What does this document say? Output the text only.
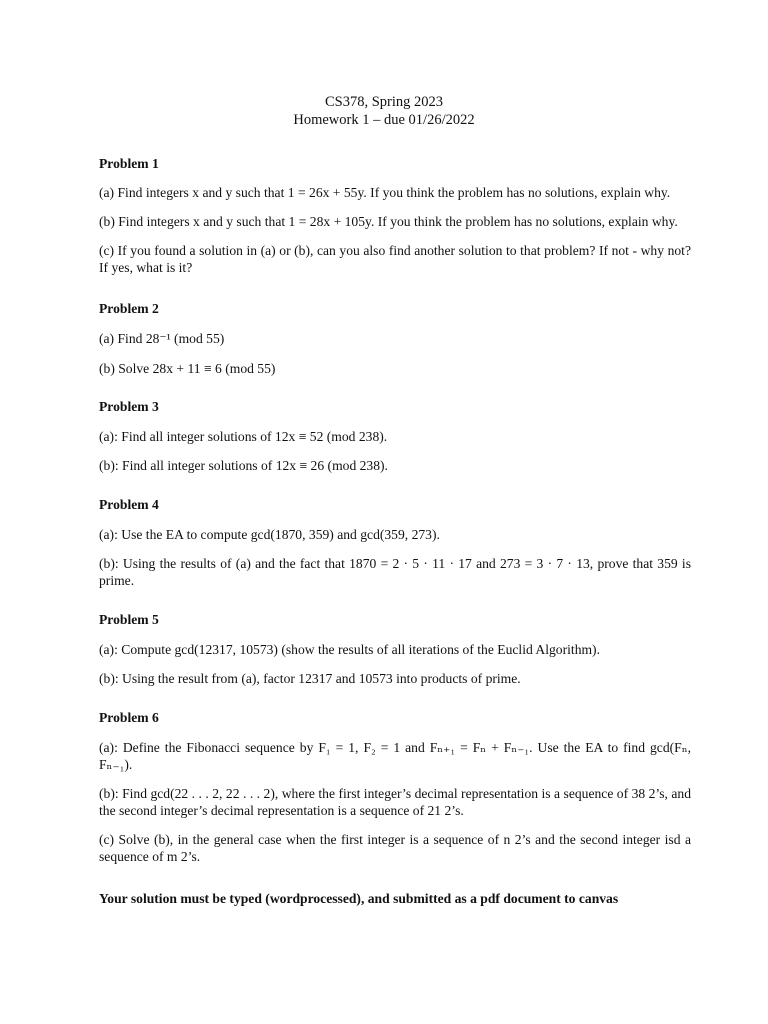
CS378, Spring 2023
Homework 1 – due 01/26/2022

Problem 1

(a) Find integers x and y such that 1 = 26x + 55y. If you think the problem has no solutions, explain why.

(b) Find integers x and y such that 1 = 28x + 105y. If you think the problem has no solutions, explain why.

(c) If you found a solution in (a) or (b), can you also find another solution to that problem? If not - why not? If yes, what is it?

Problem 2

(a) Find 28⁻¹ (mod 55)

(b) Solve 28x + 11 ≡ 6 (mod 55)

Problem 3

(a): Find all integer solutions of 12x ≡ 52 (mod 238).

(b): Find all integer solutions of 12x ≡ 26 (mod 238).

Problem 4

(a): Use the EA to compute gcd(1870, 359) and gcd(359, 273).

(b): Using the results of (a) and the fact that 1870 = 2 · 5 · 11 · 17 and 273 = 3 · 7 · 13, prove that 359 is prime.

Problem 5

(a): Compute gcd(12317, 10573) (show the results of all iterations of the Euclid Algorithm).

(b): Using the result from (a), factor 12317 and 10573 into products of prime.

Problem 6

(a): Define the Fibonacci sequence by F₁ = 1, F₂ = 1 and Fₙ₊₁ = Fₙ + Fₙ₋₁. Use the EA to find gcd(Fₙ, Fₙ₋₁).

(b): Find gcd(22 . . . 2, 22 . . . 2), where the first integer’s decimal representation is a sequence of 38 2’s, and the second integer’s decimal representation is a sequence of 21 2’s.

(c) Solve (b), in the general case when the first integer is a sequence of n 2’s and the second integer isd a sequence of m 2’s.

Your solution must be typed (wordprocessed), and submitted as a pdf document to canvas
